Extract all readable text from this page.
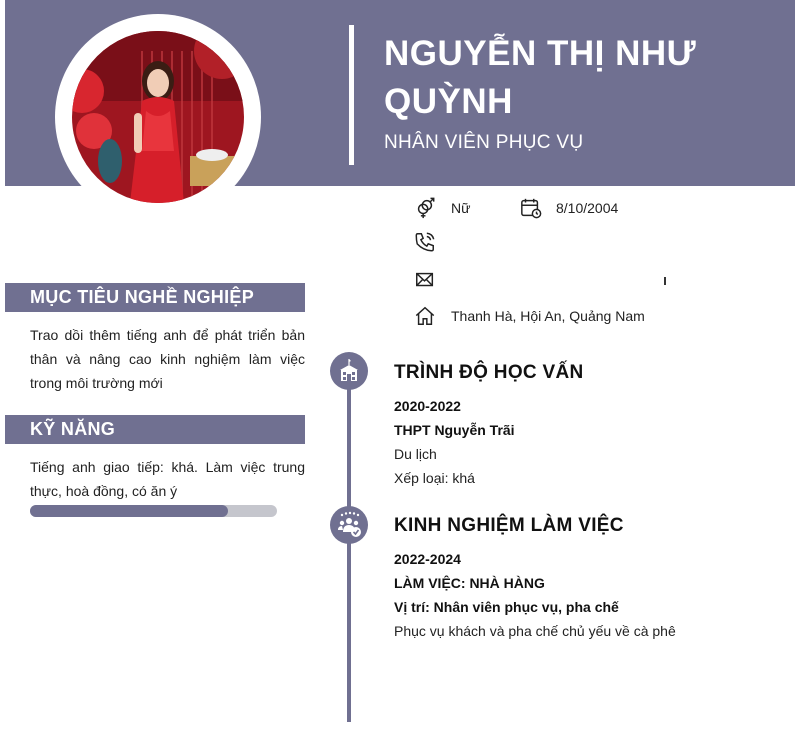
NGUYỄN THỊ NHƯ QUỲNH
NHÂN VIÊN PHỤC VỤ
Nữ	8/10/2004
Thanh Hà, Hội An, Quảng Nam
MỤC TIÊU NGHỀ NGHIỆP
Trao dồi thêm tiếng anh để phát triển bản thân và nâng cao kinh nghiệm làm việc trong môi trường mới
KỸ NĂNG
Tiếng anh giao tiếp: khá. Làm việc trung thực, hoà đồng, có ăn ý
TRÌNH ĐỘ HỌC VẤN
2020-2022
THPT Nguyễn Trãi
Du lịch
Xếp loại: khá
KINH NGHIỆM LÀM VIỆC
2022-2024
LÀM VIỆC: NHÀ HÀNG
Vị trí: Nhân viên phục vụ, pha chế
Phục vụ khách và pha chế chủ yếu về cà phê
